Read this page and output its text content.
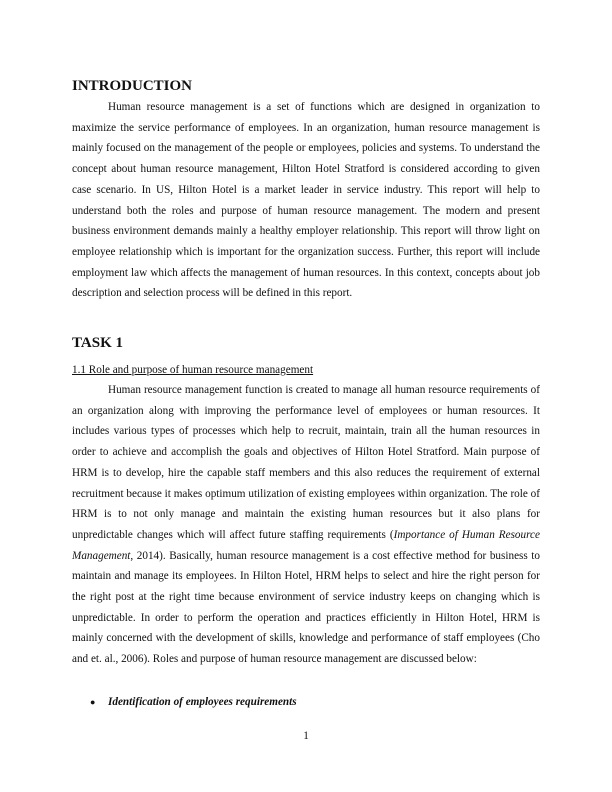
INTRODUCTION

Human resource management is a set of functions which are designed in organization to maximize the service performance of employees. In an organization, human resource management is mainly focused on the management of the people or employees, policies and systems. To understand the concept about human resource management, Hilton Hotel Stratford is considered according to given case scenario. In US, Hilton Hotel is a market leader in service industry. This report will help to understand both the roles and purpose of human resource management. The modern and present business environment demands mainly a healthy employer relationship. This report will throw light on employee relationship which is important for the organization success. Further, this report will include employment law which affects the management of human resources. In this context, concepts about job description and selection process will be defined in this report.

TASK 1
1.1 Role and purpose of human resource management

Human resource management function is created to manage all human resource requirements of an organization along with improving the performance level of employees or human resources. It includes various types of processes which help to recruit, maintain, train all the human resources in order to achieve and accomplish the goals and objectives of Hilton Hotel Stratford. Main purpose of HRM is to develop, hire the capable staff members and this also reduces the requirement of external recruitment because it makes optimum utilization of existing employees within organization. The role of HRM is to not only manage and maintain the existing human resources but it also plans for unpredictable changes which will affect future staffing requirements (Importance of Human Resource Management, 2014). Basically, human resource management is a cost effective method for business to maintain and manage its employees. In Hilton Hotel, HRM helps to select and hire the right person for the right post at the right time because environment of service industry keeps on changing which is unpredictable. In order to perform the operation and practices efficiently in Hilton Hotel, HRM is mainly concerned with the development of skills, knowledge and performance of staff employees (Cho and et. al., 2006). Roles and purpose of human resource management are discussed below:

●	Identification of employees requirements
1
